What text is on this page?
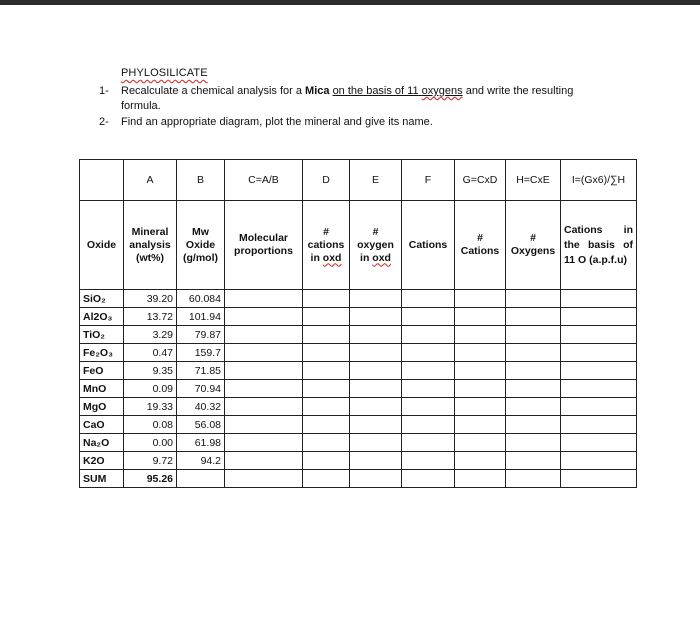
PHYLOSILICATE
1- Recalculate a chemical analysis for a Mica on the basis of 11 oxygens and write the resulting formula.
2- Find an appropriate diagram, plot the mineral and give its name.
	A	B	C=A/B	D	E	F	G=CxD	H=CxE	I=(Gx6)/∑H
Oxide	Mineral analysis (wt%)	Mw Oxide (g/mol)	Molecular proportions	# cations in oxd	# oxygen in oxd	Cations	# Cations	# Oxygens	Cations in the basis of 11 O (a.p.f.u)
SiO₂	39.20	60.084							
Al2O₃	13.72	101.94							
TiO₂	3.29	79.87							
Fe₂O₃	0.47	159.7							
FeO	9.35	71.85							
MnO	0.09	70.94							
MgO	19.33	40.32							
CaO	0.08	56.08							
Na₂O	0.00	61.98							
K2O	9.72	94.2							
SUM	95.26								
